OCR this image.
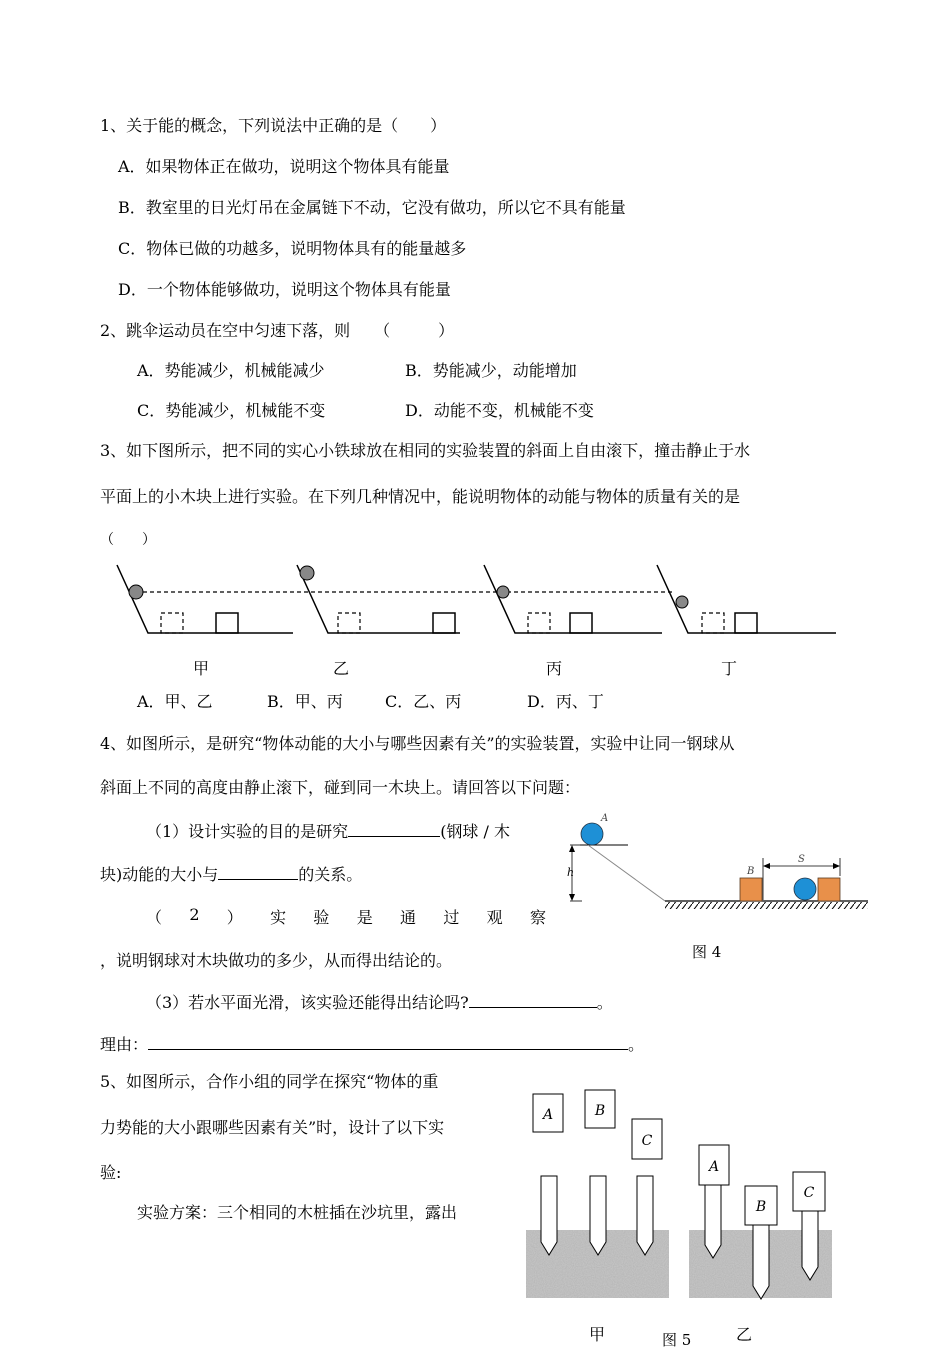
1、关于能的概念，下列说法中正确的是（　　）
A．如果物体正在做功，说明这个物体具有能量
B．教室里的日光灯吊在金属链下不动，它没有做功，所以它不具有能量
C．物体已做的功越多，说明物体具有的能量越多
D．一个物体能够做功，说明这个物体具有能量
2、跳伞运动员在空中匀速下落，则　　（　　　）
A．势能减少，机械能减少	B．势能减少，动能增加
C．势能减少，机械能不变	D．动能不变，机械能不变
3、如下图所示，把不同的实心小铁球放在相同的实验装置的斜面上自由滚下，撞击静止于水
平面上的小木块上进行实验。在下列几种情况中，能说明物体的动能与物体的质量有关的是
（　　）
甲	乙	丙	丁
A．甲、乙	B．甲、丙	C．乙、丙	D．丙、丁
4、如图所示，是研究“物体动能的大小与哪些因素有关”的实验装置，实验中让同一钢球从
斜面上不同的高度由静止滚下，碰到同一木块上。请回答以下问题：
（1）设计实验的目的是研究	(钢球 / 木
块)动能的大小与	的关系。
（ 2 ） 实 验 是 通 过 观 察
，说明钢球对木块做功的多少，从而得出结论的。
（3）若水平面光滑，该实验还能得出结论吗?	。
理由：	。
h
A
B
S
图 4
5、如图所示，合作小组的同学在探究“物体的重
力势能的大小跟哪些因素有关”时，设计了以下实
验:
实验方案：三个相同的木桩插在沙坑里，露出
A	B
C
A
B
C
甲	图 5	乙
